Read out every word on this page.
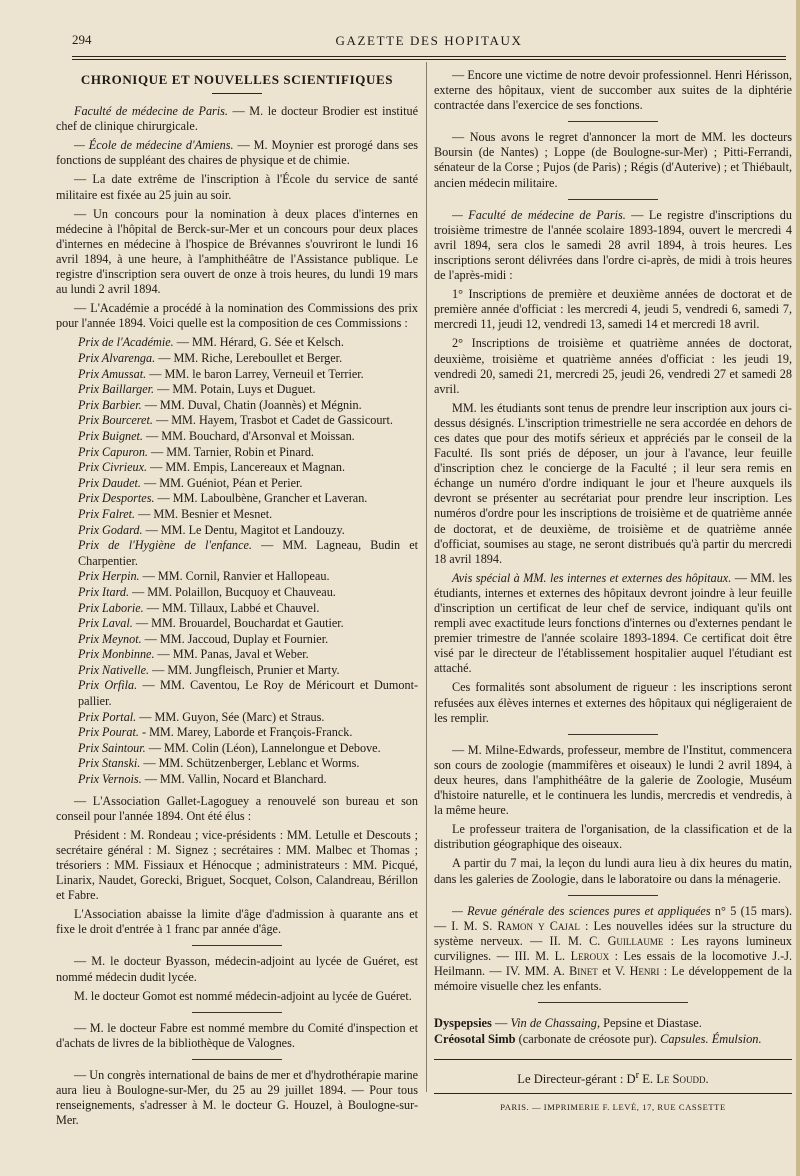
294	GAZETTE DES HOPITAUX
CHRONIQUE ET NOUVELLES SCIENTIFIQUES

Faculté de médecine de Paris. — M. le docteur Brodier est institué chef de clinique chirurgicale.

— École de médecine d'Amiens. — M. Moynier est prorogé dans ses fonctions de suppléant des chaires de physique et de chimie.

— La date extrême de l'inscription à l'École du service de santé militaire est fixée au 25 juin au soir.

— Un concours pour la nomination à deux places d'internes en médecine à l'hôpital de Berck-sur-Mer et un concours pour deux places d'internes en médecine à l'hospice de Brévannes s'ouvriront le lundi 16 avril 1894, à une heure, à l'amphithéâtre de l'Assistance publique. Le registre d'inscription sera ouvert de onze à trois heures, du lundi 19 mars au lundi 2 avril 1894.

— L'Académie a procédé à la nomination des Commissions des prix pour l'année 1894. Voici quelle est la composition de ces Commissions :

Prix de l'Académie. — MM. Hérard, G. Sée et Kelsch.

Prix Alvarenga. — MM. Riche, Lereboullet et Berger.

Prix Amussat. — MM. le baron Larrey, Verneuil et Terrier.

Prix Baillarger. — MM. Potain, Luys et Duguet.

Prix Barbier. — MM. Duval, Chatin (Joannès) et Mégnin.

Prix Bourceret. — MM. Hayem, Trasbot et Cadet de Gassicourt.

Prix Buignet. — MM. Bouchard, d'Arsonval et Moissan.

Prix Capuron. — MM. Tarnier, Robin et Pinard.

Prix Civrieux. — MM. Empis, Lancereaux et Magnan.

Prix Daudet. — MM. Guéniot, Péan et Perier.

Prix Desportes. — MM. Laboulbène, Grancher et Laveran.

Prix Falret. — MM. Besnier et Mesnet.

Prix Godard. — MM. Le Dentu, Magitot et Landouzy.

Prix de l'Hygiène de l'enfance. — MM. Lagneau, Budin et Charpentier.

Prix Herpin. — MM. Cornil, Ranvier et Hallopeau.

Prix Itard. — MM. Polaillon, Bucquoy et Chauveau.

Prix Laborie. — MM. Tillaux, Labbé et Chauvel.

Prix Laval. — MM. Brouardel, Bouchardat et Gautier.

Prix Meynot. — MM. Jaccoud, Duplay et Fournier.

Prix Monbinne. — MM. Panas, Javal et Weber.

Prix Nativelle. — MM. Jungfleisch, Prunier et Marty.

Prix Orfila. — MM. Caventou, Le Roy de Méricourt et Dumont-pallier.

Prix Portal. — MM. Guyon, Sée (Marc) et Straus.

Prix Pourat. - MM. Marey, Laborde et François-Franck.

Prix Saintour. — MM. Colin (Léon), Lannelongue et Debove.

Prix Stanski. — MM. Schützenberger, Leblanc et Worms.

Prix Vernois. — MM. Vallin, Nocard et Blanchard.

— L'Association Gallet-Lagoguey a renouvelé son bureau et son conseil pour l'année 1894. Ont été élus :

Président : M. Rondeau ; vice-présidents : MM. Letulle et Descouts ; secrétaire général : M. Signez ; secrétaires : MM. Malbec et Thomas ; trésoriers : MM. Fissiaux et Hénocque ; administrateurs : MM. Picqué, Linarix, Naudet, Gorecki, Briguet, Socquet, Colson, Calandreau, Bérillon et Fabre.

L'Association abaisse la limite d'âge d'admission à quarante ans et fixe le droit d'entrée à 1 franc par année d'âge.

— M. le docteur Byasson, médecin-adjoint au lycée de Guéret, est nommé médecin dudit lycée.

M. le docteur Gomot est nommé médecin-adjoint au lycée de Guéret.

— M. le docteur Fabre est nommé membre du Comité d'inspection et d'achats de livres de la bibliothèque de Valognes.

— Un congrès international de bains de mer et d'hydrothérapie marine aura lieu à Boulogne-sur-Mer, du 25 au 29 juillet 1894. — Pour tous renseignements, s'adresser à M. le docteur G. Houzel, à Boulogne-sur-Mer.

— Encore une victime de notre devoir professionnel. Henri Hérisson, externe des hôpitaux, vient de succomber aux suites de la diphtérie contractée dans l'exercice de ses fonctions.

— Nous avons le regret d'annoncer la mort de MM. les docteurs Boursin (de Nantes) ; Loppe (de Boulogne-sur-Mer) ; Pitti-Ferrandi, sénateur de la Corse ; Pujos (de Paris) ; Régis (d'Auterive) ; et Thiébault, ancien médecin militaire.

— Faculté de médecine de Paris. — Le registre d'inscriptions du troisième trimestre de l'année scolaire 1893-1894, ouvert le mercredi 4 avril 1894, sera clos le samedi 28 avril 1894, à trois heures. Les inscriptions seront délivrées dans l'ordre ci-après, de midi à trois heures de l'après-midi :

1° Inscriptions de première et deuxième années de doctorat et de première année d'officiat : les mercredi 4, jeudi 5, vendredi 6, samedi 7, mercredi 11, jeudi 12, vendredi 13, samedi 14 et mercredi 18 avril.

2° Inscriptions de troisième et quatrième années de doctorat, deuxième, troisième et quatrième années d'officiat : les jeudi 19, vendredi 20, samedi 21, mercredi 25, jeudi 26, vendredi 27 et samedi 28 avril.

MM. les étudiants sont tenus de prendre leur inscription aux jours ci-dessus désignés. L'inscription trimestrielle ne sera accordée en dehors de ces dates que pour des motifs sérieux et appréciés par le conseil de la Faculté. Ils sont priés de déposer, un jour à l'avance, leur feuille d'inscription chez le concierge de la Faculté ; il leur sera remis en échange un numéro d'ordre indiquant le jour et l'heure auxquels ils devront se présenter au secrétariat pour prendre leur inscription. Les numéros d'ordre pour les inscriptions de troisième et de quatrième année de doctorat, et de deuxième, de troisième et de quatrième année d'officiat, soumises au stage, ne seront distribués qu'à partir du mercredi 18 avril 1894.

Avis spécial à MM. les internes et externes des hôpitaux. — MM. les étudiants, internes et externes des hôpitaux devront joindre à leur feuille d'inscription un certificat de leur chef de service, indiquant qu'ils ont rempli avec exactitude leurs fonctions d'internes ou d'externes pendant le premier trimestre de l'année scolaire 1893-1894. Ce certificat doit être visé par le directeur de l'établissement hospitalier auquel l'étudiant est attaché.

Ces formalités sont absolument de rigueur : les inscriptions seront refusées aux élèves internes et externes des hôpitaux qui négligeraient de les remplir.

— M. Milne-Edwards, professeur, membre de l'Institut, commencera son cours de zoologie (mammifères et oiseaux) le lundi 2 avril 1894, à deux heures, dans l'amphithéâtre de la galerie de Zoologie, Muséum d'histoire naturelle, et le continuera les lundis, mercredis et vendredis, à la même heure.

Le professeur traitera de l'organisation, de la classification et de la distribution géographique des oiseaux.

A partir du 7 mai, la leçon du lundi aura lieu à dix heures du matin, dans les galeries de Zoologie, dans le laboratoire ou dans la ménagerie.

— Revue générale des sciences pures et appliquées n° 5 (15 mars). — I. M. S. Ramon y Cajal : Les nouvelles idées sur la structure du système nerveux. — II. M. C. Guillaume : Les rayons lumineux curvilignes. — III. M. L. Leroux : Les essais de la locomotive J.-J. Heilmann. — IV. MM. A. Binet et V. Henri : Le développement de la mémoire visuelle chez les enfants.

Dyspepsies — Vin de Chassaing, Pepsine et Diastase.

Créosotal Simb (carbonate de créosote pur). Capsules. Émulsion.

Le Directeur-gérant : $D^r$ E. Le Soudd.

PARIS. — IMPRIMERIE F. LEVÉ, 17, RUE CASSETTE
